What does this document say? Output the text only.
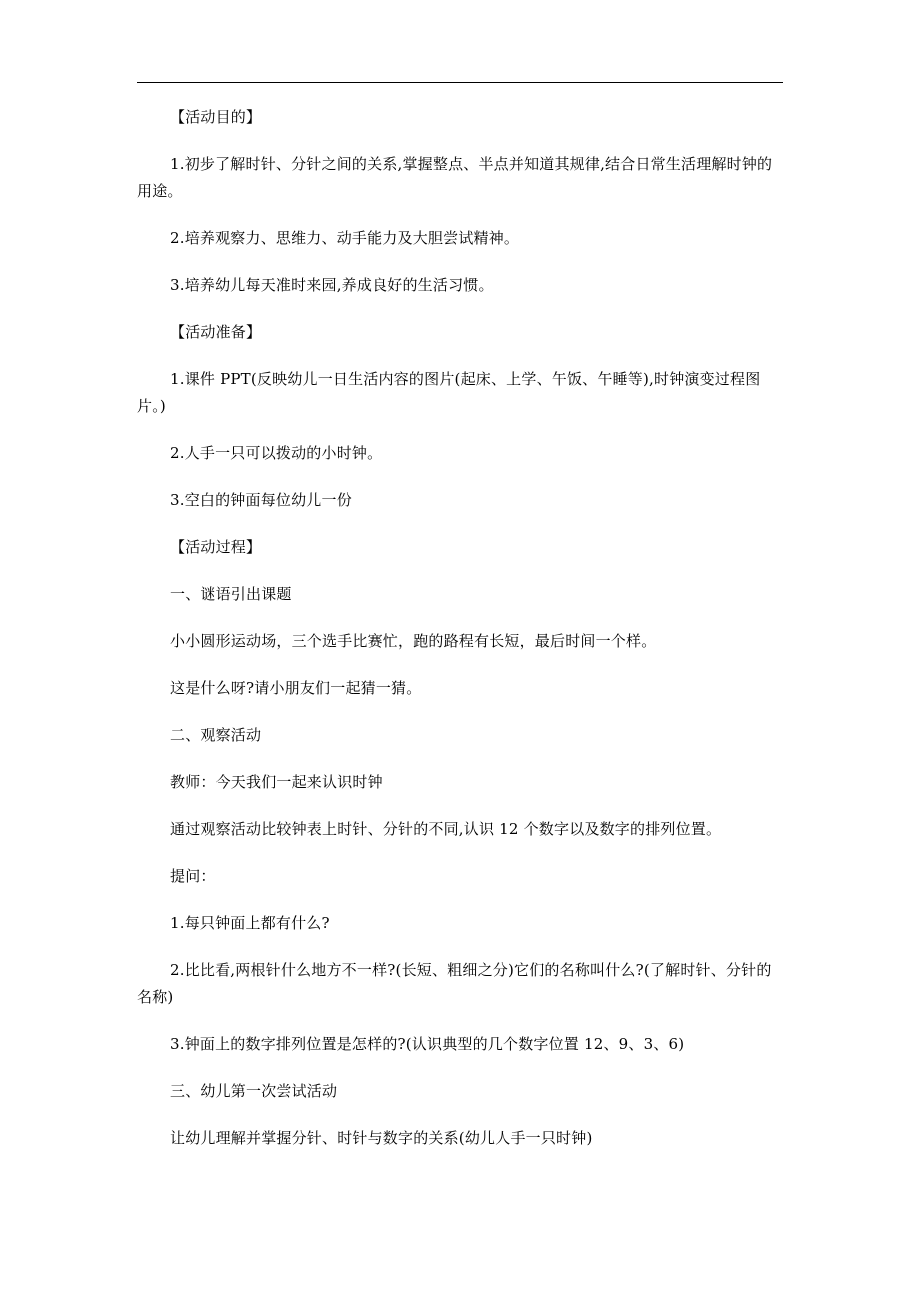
【活动目的】

1.初步了解时针、分针之间的关系,掌握整点、半点并知道其规律,结合日常生活理解时钟的用途。

2.培养观察力、思维力、动手能力及大胆尝试精神。

3.培养幼儿每天准时来园,养成良好的生活习惯。

【活动准备】

1.课件 PPT(反映幼儿一日生活内容的图片(起床、上学、午饭、午睡等),时钟演变过程图片。)

2.人手一只可以拨动的小时钟。

3.空白的钟面每位幼儿一份

【活动过程】

一、谜语引出课题

小小圆形运动场，三个选手比赛忙，跑的路程有长短，最后时间一个样。

这是什么呀?请小朋友们一起猜一猜。

二、观察活动

教师：今天我们一起来认识时钟

通过观察活动比较钟表上时针、分针的不同,认识 12 个数字以及数字的排列位置。

提问：

1.每只钟面上都有什么?

2.比比看,两根针什么地方不一样?(长短、粗细之分)它们的名称叫什么?(了解时针、分针的名称)

3.钟面上的数字排列位置是怎样的?(认识典型的几个数字位置 12、9、3、6)

三、幼儿第一次尝试活动

让幼儿理解并掌握分针、时针与数字的关系(幼儿人手一只时钟)
